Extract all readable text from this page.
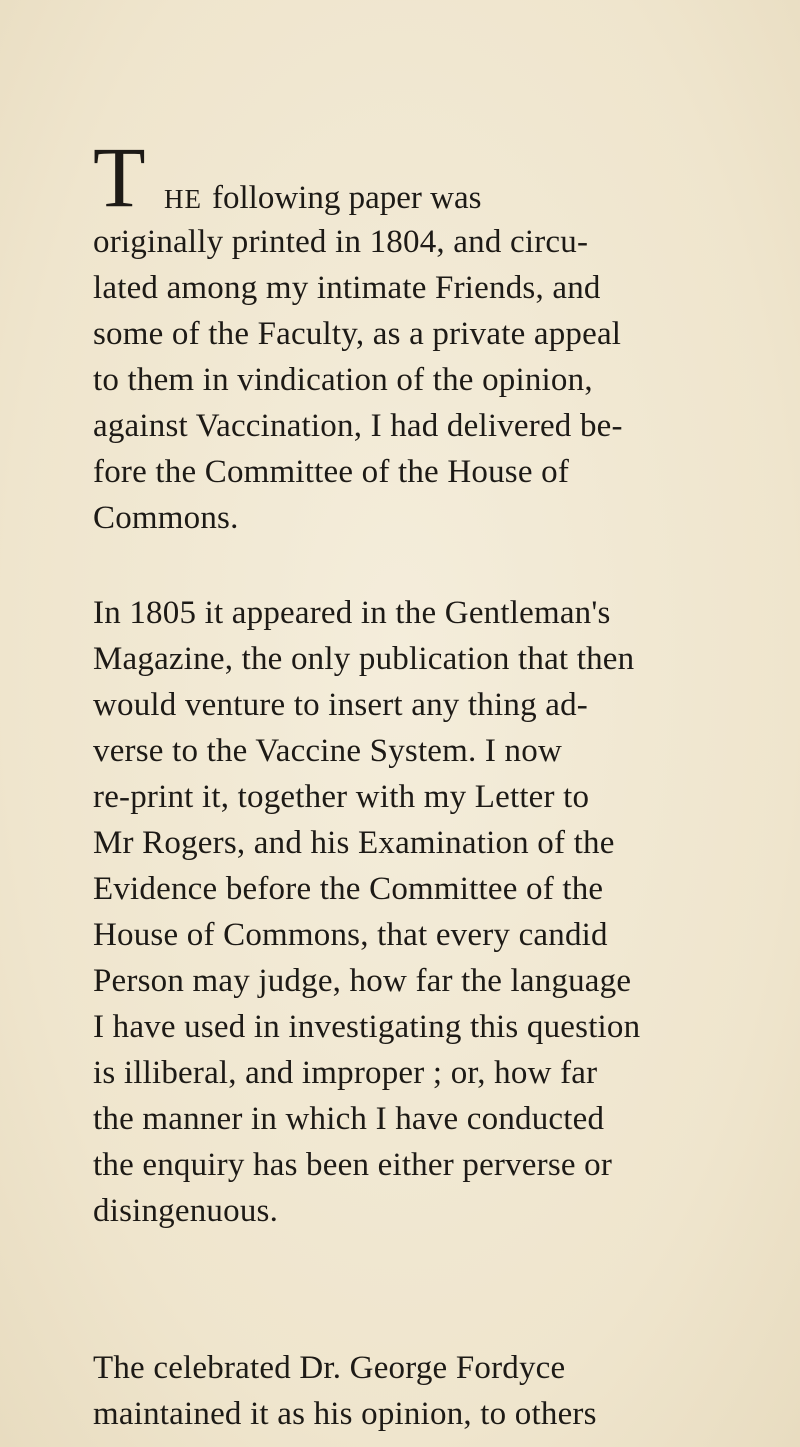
T HE following paper was
originally printed in 1804, and circu-
lated among my intimate Friends, and
some of the Faculty, as a private appeal
to them in vindication of the opinion,
against Vaccination, I had delivered be-
fore the Committee of the House of
Commons.
In 1805 it appeared in the Gentleman's
Magazine, the only publication that then
would venture to insert any thing ad-
verse to the Vaccine System. I now
re-print it, together with my Letter to
Mr Rogers, and his Examination of the
Evidence before the Committee of the
House of Commons, that every candid
Person may judge, how far the language
I have used in investigating this question
is illiberal, and improper ; or, how far
the manner in which I have conducted
the enquiry has been either perverse or
disingenuous.
The celebrated Dr. George Fordyce
maintained it as his opinion, to others
